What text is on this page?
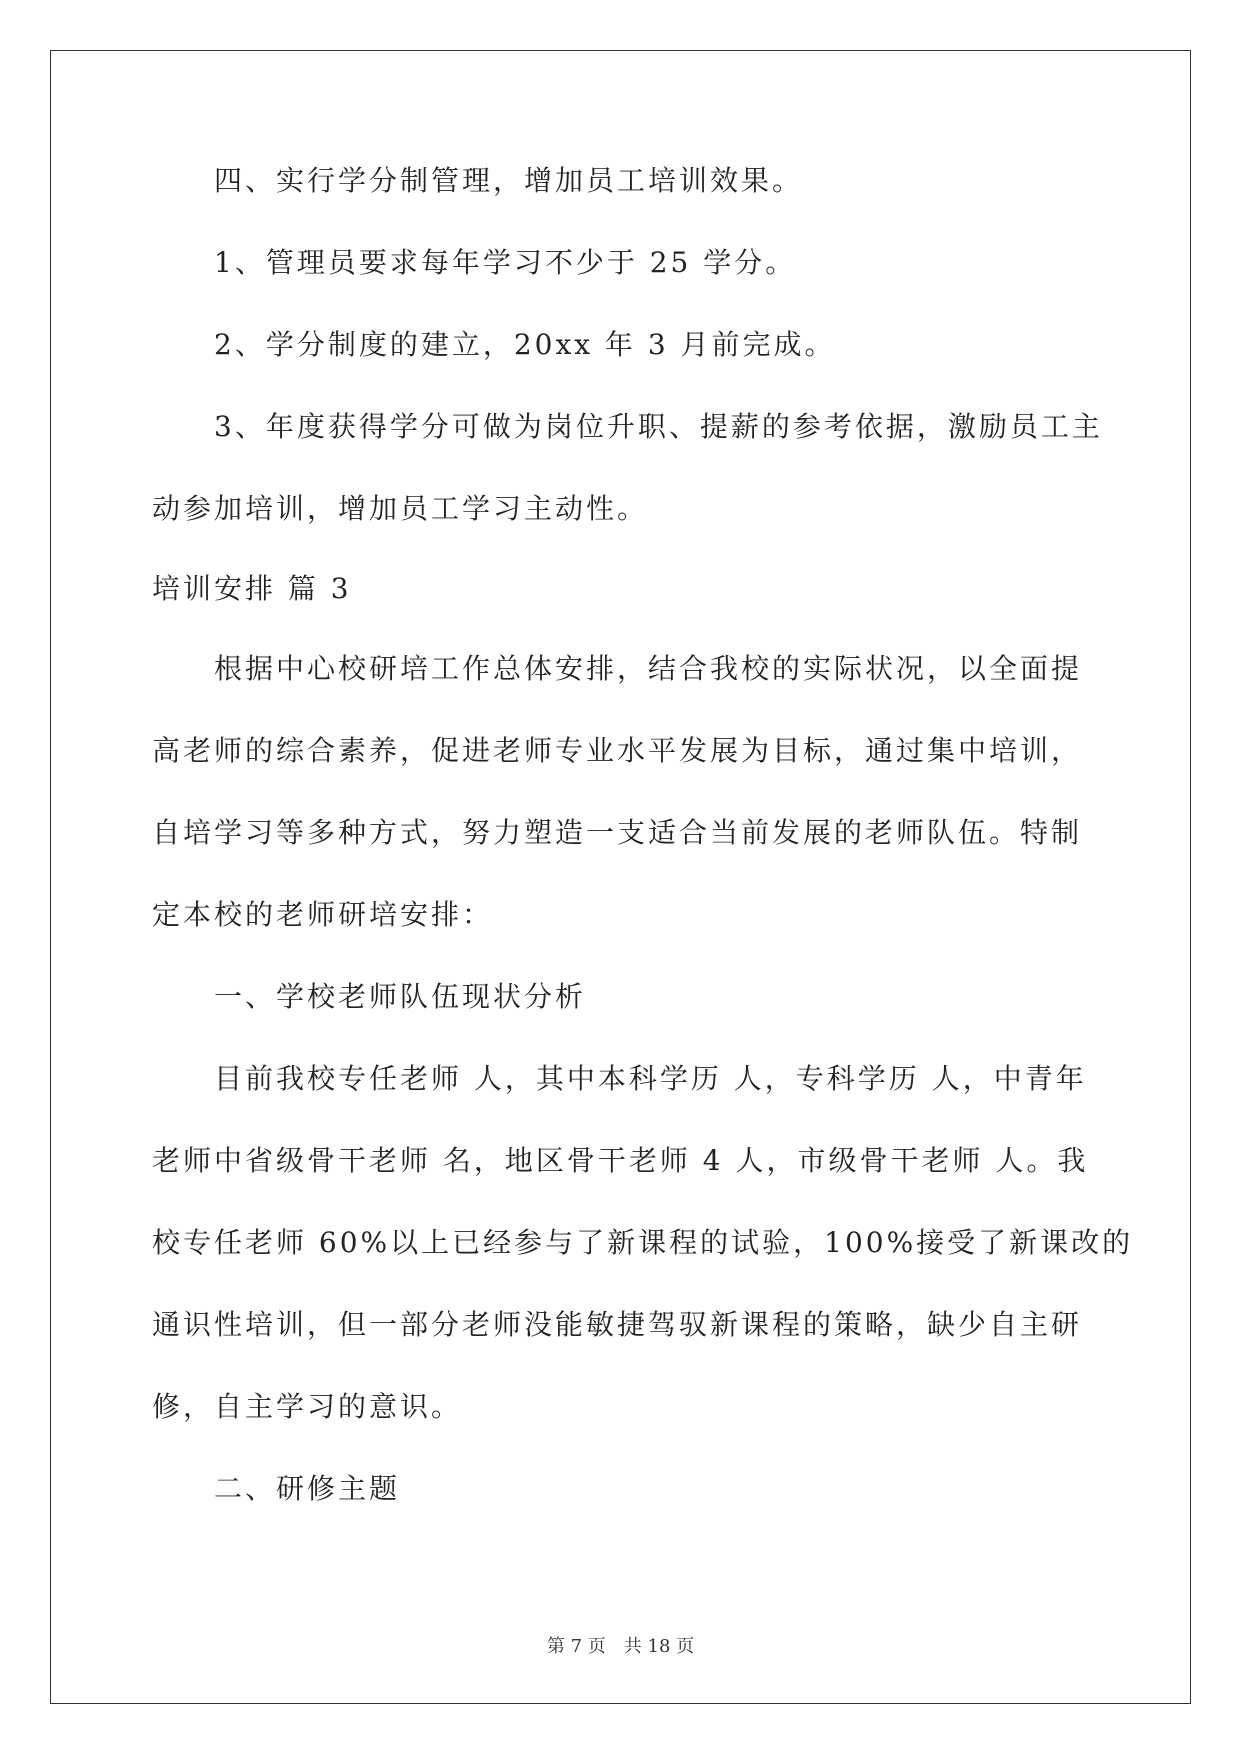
四、实行学分制管理，增加员工培训效果。
1、管理员要求每年学习不少于 25 学分。
2、学分制度的建立，20xx 年 3 月前完成。
3、年度获得学分可做为岗位升职、提薪的参考依据，激励员工主
动参加培训，增加员工学习主动性。
培训安排 篇 3
根据中心校研培工作总体安排，结合我校的实际状况，以全面提
高老师的综合素养，促进老师专业水平发展为目标，通过集中培训，
自培学习等多种方式，努力塑造一支适合当前发展的老师队伍。特制
定本校的老师研培安排：
一、学校老师队伍现状分析
目前我校专任老师 人，其中本科学历 人，专科学历 人，中青年
老师中省级骨干老师 名，地区骨干老师 4 人，市级骨干老师 人。我
校专任老师 60%以上已经参与了新课程的试验，100%接受了新课改的
通识性培训，但一部分老师没能敏捷驾驭新课程的策略，缺少自主研
修，自主学习的意识。
二、研修主题
第 7 页　共 18 页
